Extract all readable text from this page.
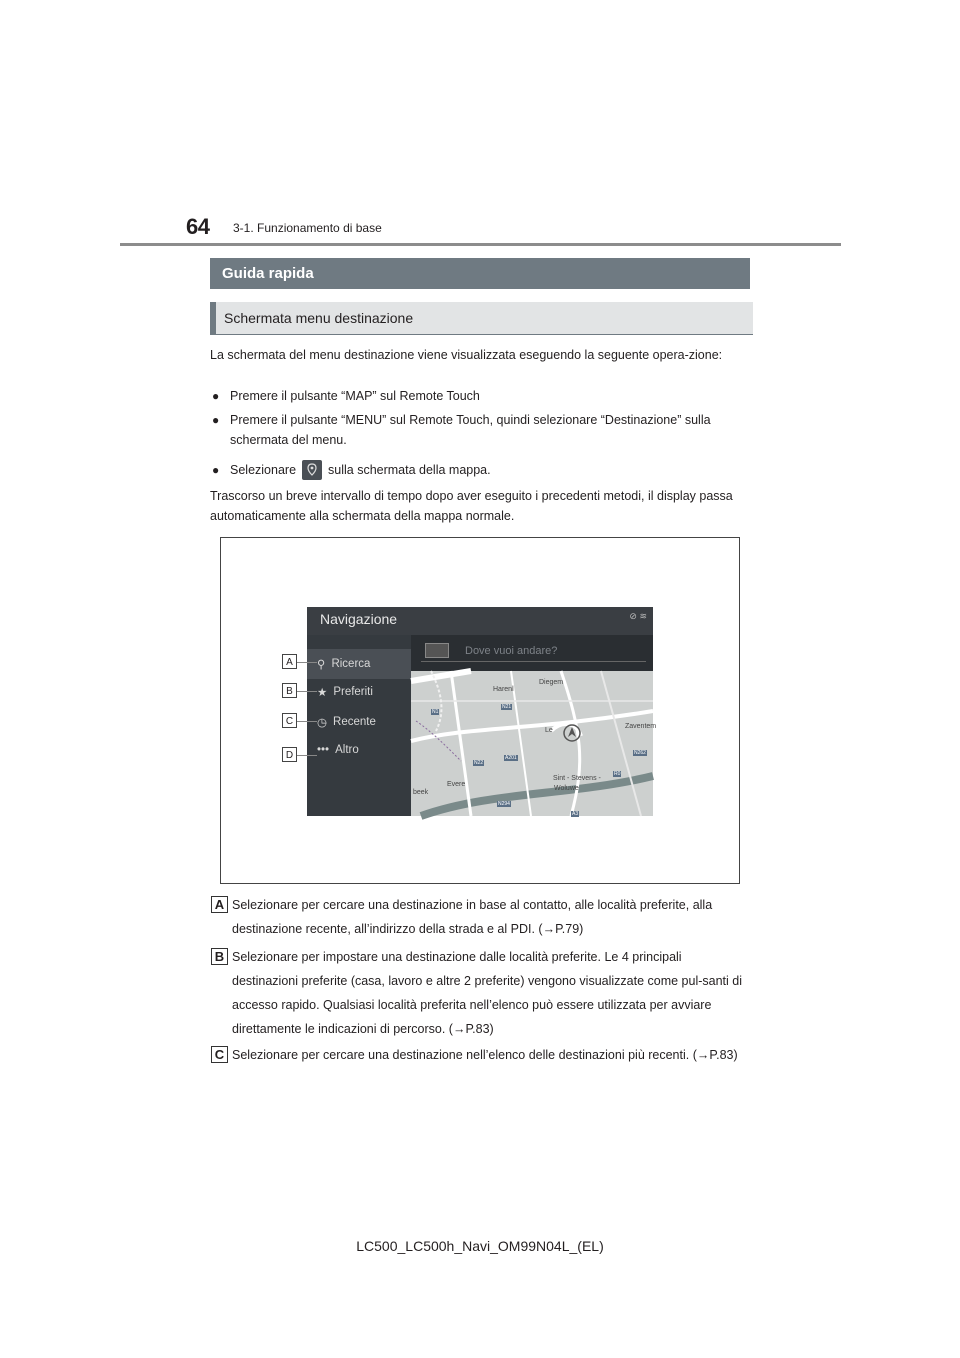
64 3-1. Funzionamento di base
Guida rapida
Schermata menu destinazione
La schermata del menu destinazione viene visualizzata eseguendo la seguente opera-zione:
● Premere il pulsante “MAP” sul Remote Touch
● Premere il pulsante “MENU” sul Remote Touch, quindi selezionare “Destinazione” sulla schermata del menu.
● Selezionare	sulla schermata della mappa.
Trascorso un breve intervallo di tempo dopo aver eseguito i precedenti metodi, il display passa automaticamente alla schermata della mappa normale.
Navigazione	⊘ ≋
⚲ Ricerca
★ Preferiti
◷ Recente
••• Altro
Dove vuoi andare?
Harenl
Diegem
Zaventem
Sint - Stevens -
Woluwe
Evere
beek
Le
N1
N21
N22
A201
N262
R0
N294
A3
A
B
C
D
A Selezionare per cercare una destinazione in base al contatto, alle località preferite, alla destinazione recente, all’indirizzo della strada e al PDI. (→P.79)
B Selezionare per impostare una destinazione dalle località preferite. Le 4 principali destinazioni preferite (casa, lavoro e altre 2 preferite) vengono visualizzate come pul-santi di accesso rapido. Qualsiasi località preferita nell’elenco può essere utilizzata per avviare direttamente le indicazioni di percorso. (→P.83)
C Selezionare per cercare una destinazione nell’elenco delle destinazioni più recenti. (→P.83)
LC500_LC500h_Navi_OM99N04L_(EL)
